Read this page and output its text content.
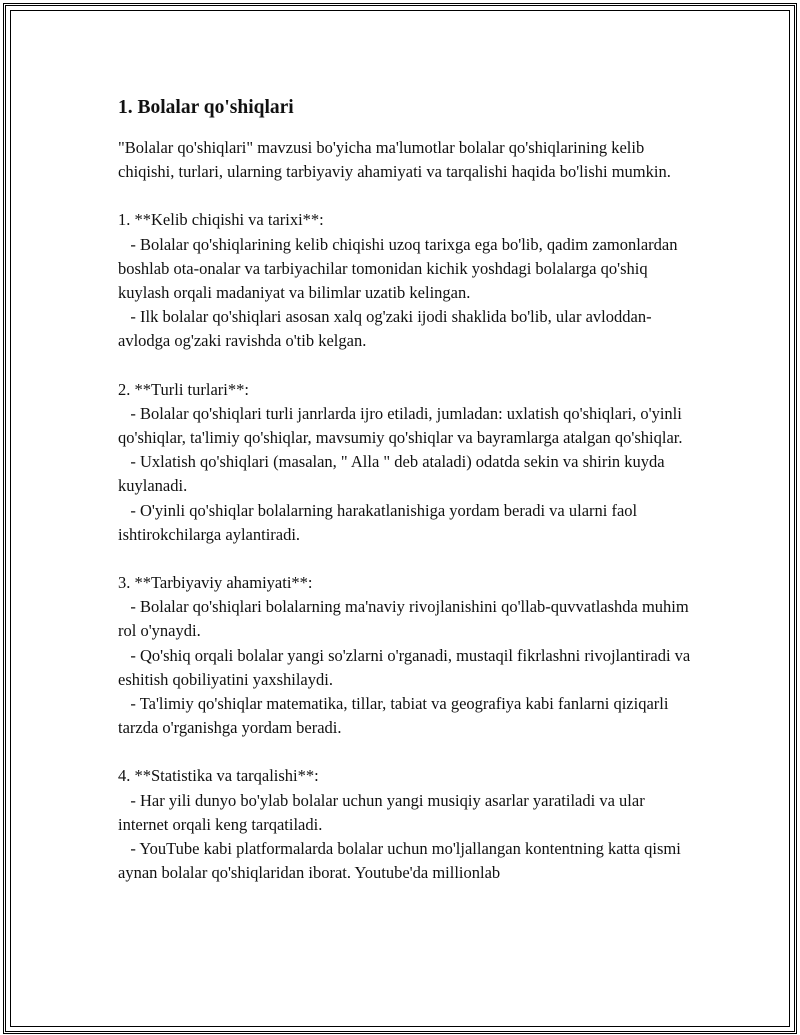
1. Bolalar qo'shiqlari

"Bolalar qo'shiqlari" mavzusi bo'yicha ma'lumotlar bolalar qo'shiqlarining kelib chiqishi, turlari, ularning tarbiyaviy ahamiyati va tarqalishi haqida bo'lishi mumkin.

1. **Kelib chiqishi va tarixi**:

- Bolalar qo'shiqlarining kelib chiqishi uzoq tarixga ega bo'lib, qadim zamonlardan boshlab ota-onalar va tarbiyachilar tomonidan kichik yoshdagi bolalarga qo'shiq kuylash orqali madaniyat va bilimlar uzatib kelingan.

- Ilk bolalar qo'shiqlari asosan xalq og'zaki ijodi shaklida bo'lib, ular avloddan-avlodga og'zaki ravishda o'tib kelgan.

2. **Turli turlari**:

- Bolalar qo'shiqlari turli janrlarda ijro etiladi, jumladan: uxlatish qo'shiqlari, o'yinli qo'shiqlar, ta'limiy qo'shiqlar, mavsumiy qo'shiqlar va bayramlarga atalgan qo'shiqlar.

- Uxlatish qo'shiqlari (masalan, " Alla " deb ataladi) odatda sekin va shirin kuyda kuylanadi.

- O'yinli qo'shiqlar bolalarning harakatlanishiga yordam beradi va ularni faol ishtirokchilarga aylantiradi.

3. **Tarbiyaviy ahamiyati**:

- Bolalar qo'shiqlari bolalarning ma'naviy rivojlanishini qo'llab-quvvatlashda muhim rol o'ynaydi.

- Qo'shiq orqali bolalar yangi so'zlarni o'rganadi, mustaqil fikrlashni rivojlantiradi va eshitish qobiliyatini yaxshilaydi.

- Ta'limiy qo'shiqlar matematika, tillar, tabiat va geografiya kabi fanlarni qiziqarli tarzda o'rganishga yordam beradi.

4. **Statistika va tarqalishi**:

- Har yili dunyo bo'ylab bolalar uchun yangi musiqiy asarlar yaratiladi va ular internet orqali keng tarqatiladi.

- YouTube kabi platformalarda bolalar uchun mo'ljallangan kontentning katta qismi aynan bolalar qo'shiqlaridan iborat. Youtube'da millionlab
